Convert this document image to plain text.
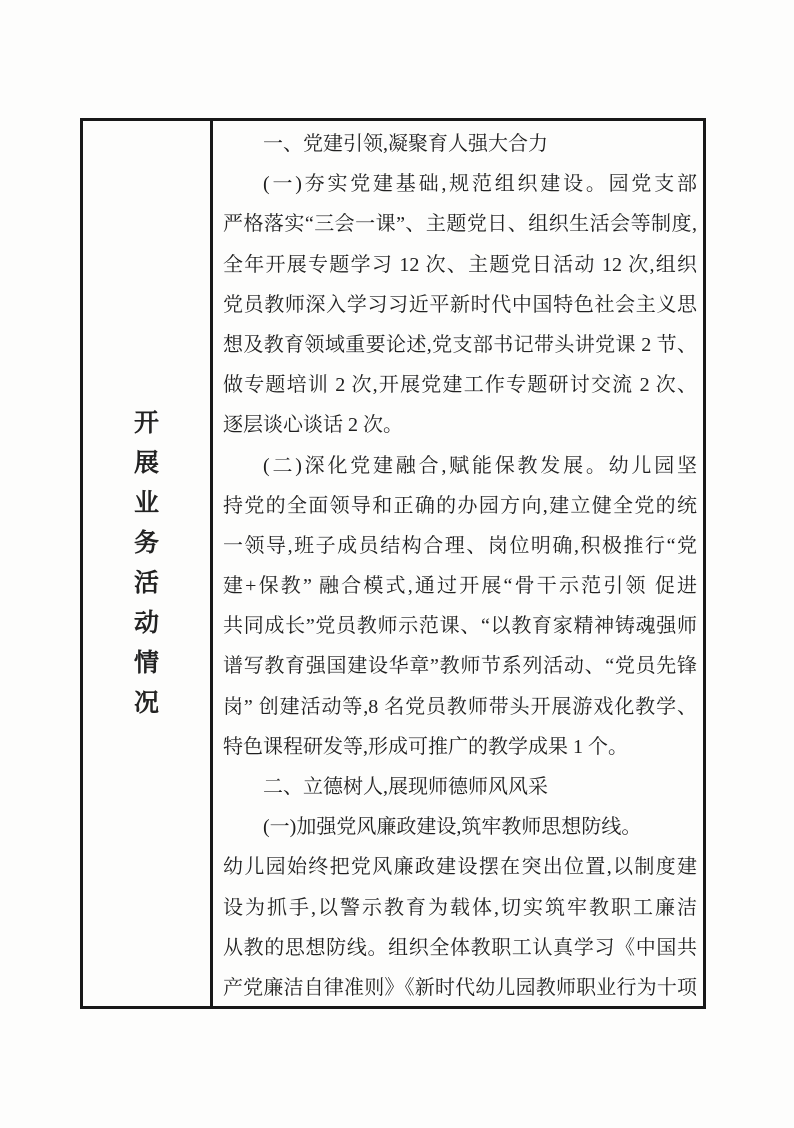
开
展
业
务
活
动
情
况
一、党建引领,凝聚育人强大合力
(一)夯实党建基础,规范组织建设。园党支部
严格落实“三会一课”、主题党日、组织生活会等制度,
全年开展专题学习 12 次、主题党日活动 12 次,组织
党员教师深入学习习近平新时代中国特色社会主义思
想及教育领域重要论述,党支部书记带头讲党课 2 节、
做专题培训 2 次,开展党建工作专题研讨交流 2 次、
逐层谈心谈话 2 次。
(二)深化党建融合,赋能保教发展。幼儿园坚
持党的全面领导和正确的办园方向,建立健全党的统
一领导,班子成员结构合理、岗位明确,积极推行“党
建+保教” 融合模式,通过开展“骨干示范引领 促进
共同成长”党员教师示范课、“以教育家精神铸魂强师
谱写教育强国建设华章”教师节系列活动、“党员先锋
岗” 创建活动等,8 名党员教师带头开展游戏化教学、
特色课程研发等,形成可推广的教学成果 1 个。
二、立德树人,展现师德师风风采
(一)加强党风廉政建设,筑牢教师思想防线。
幼儿园始终把党风廉政建设摆在突出位置,以制度建
设为抓手,以警示教育为载体,切实筑牢教职工廉洁
从教的思想防线。组织全体教职工认真学习《中国共
产党廉洁自律准则》《新时代幼儿园教师职业行为十项
